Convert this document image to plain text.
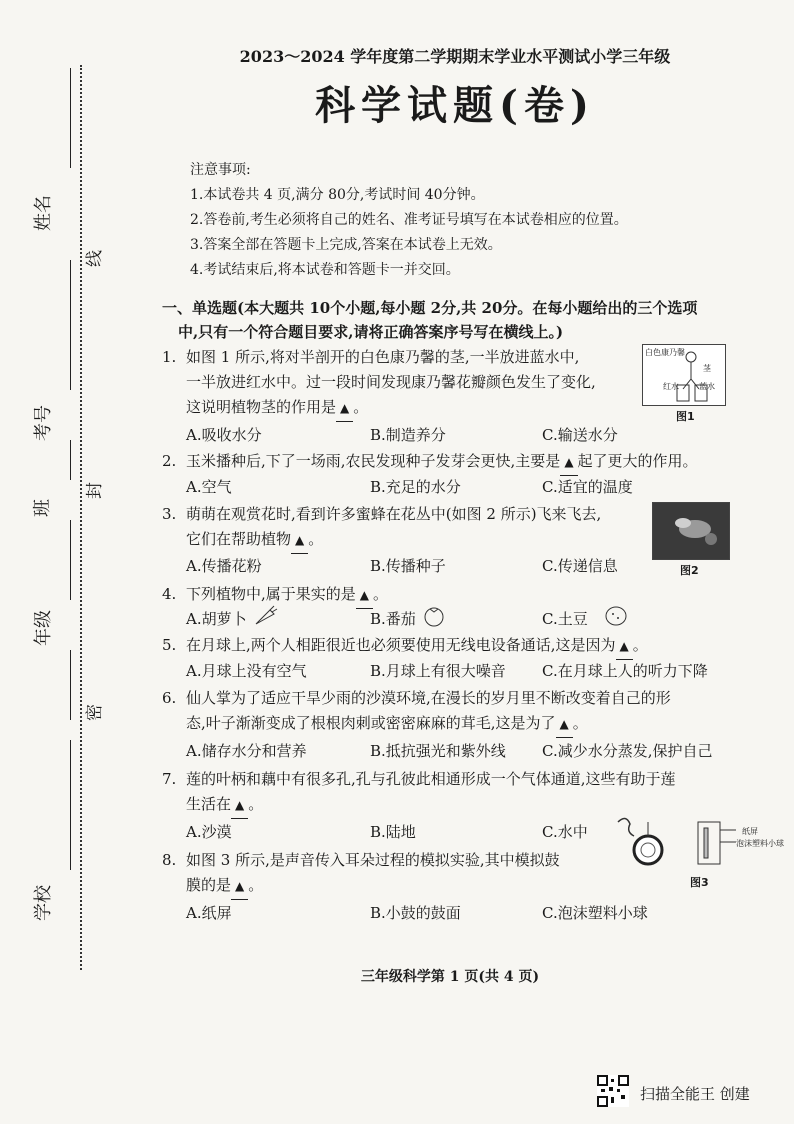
姓名
线
考号
班
封
年级
密
学校
2023～2024 学年度第二学期期末学业水平测试小学三年级
科学试题(卷)
注意事项:
1.本试卷共 4 页,满分 80分,考试时间 40分钟。
2.答卷前,考生必须将自己的姓名、准考证号填写在本试卷相应的位置。
3.答案全部在答题卡上完成,答案在本试卷上无效。
4.考试结束后,将本试卷和答题卡一并交回。
一、单选题(本大题共 10个小题,每小题 2分,共 20分。在每小题给出的三个选项
中,只有一个符合题目要求,请将正确答案序号写在横线上。)
1. 如图 1 所示,将对半剖开的白色康乃馨的茎,一半放进蓝水中,
一半放进红水中。过一段时间发现康乃馨花瓣颜色发生了变化,
这说明植物茎的作用是 ▲ 。
A.吸收水分	B.制造养分	C.输送水分
白色康乃馨
茎
红水	蓝水
图1
2. 玉米播种后,下了一场雨,农民发现种子发芽会更快,主要是 ▲ 起了更大的作用。
A.空气	B.充足的水分	C.适宜的温度
3. 萌萌在观赏花时,看到许多蜜蜂在花丛中(如图 2 所示)飞来飞去,
它们在帮助植物 ▲ 。
A.传播花粉	B.传播种子	C.传递信息	图2
4. 下列植物中,属于果实的是 ▲ 。
A.胡萝卜	B.番茄	C.土豆
5. 在月球上,两个人相距很近也必须要使用无线电设备通话,这是因为 ▲ 。
A.月球上没有空气	B.月球上有很大噪音 C.在月球上人的听力下降
6. 仙人掌为了适应干旱少雨的沙漠环境,在漫长的岁月里不断改变着自己的形
态,叶子渐渐变成了根根肉刺或密密麻麻的茸毛,这是为了 ▲ 。
A.储存水分和营养	B.抵抗强光和紫外线 C.减少水分蒸发,保护自己
7. 莲的叶柄和藕中有很多孔,孔与孔彼此相通形成一个气体通道,这些有助于莲
生活在 ▲ 。
A.沙漠	B.陆地	C.水中	纸屏
泡沫塑料小球
图3
8. 如图 3 所示,是声音传入耳朵过程的模拟实验,其中模拟鼓
膜的是 ▲ 。
A.纸屏	B.小鼓的鼓面	C.泡沫塑料小球
三年级科学第 1 页(共 4 页)
扫描全能王 创建
